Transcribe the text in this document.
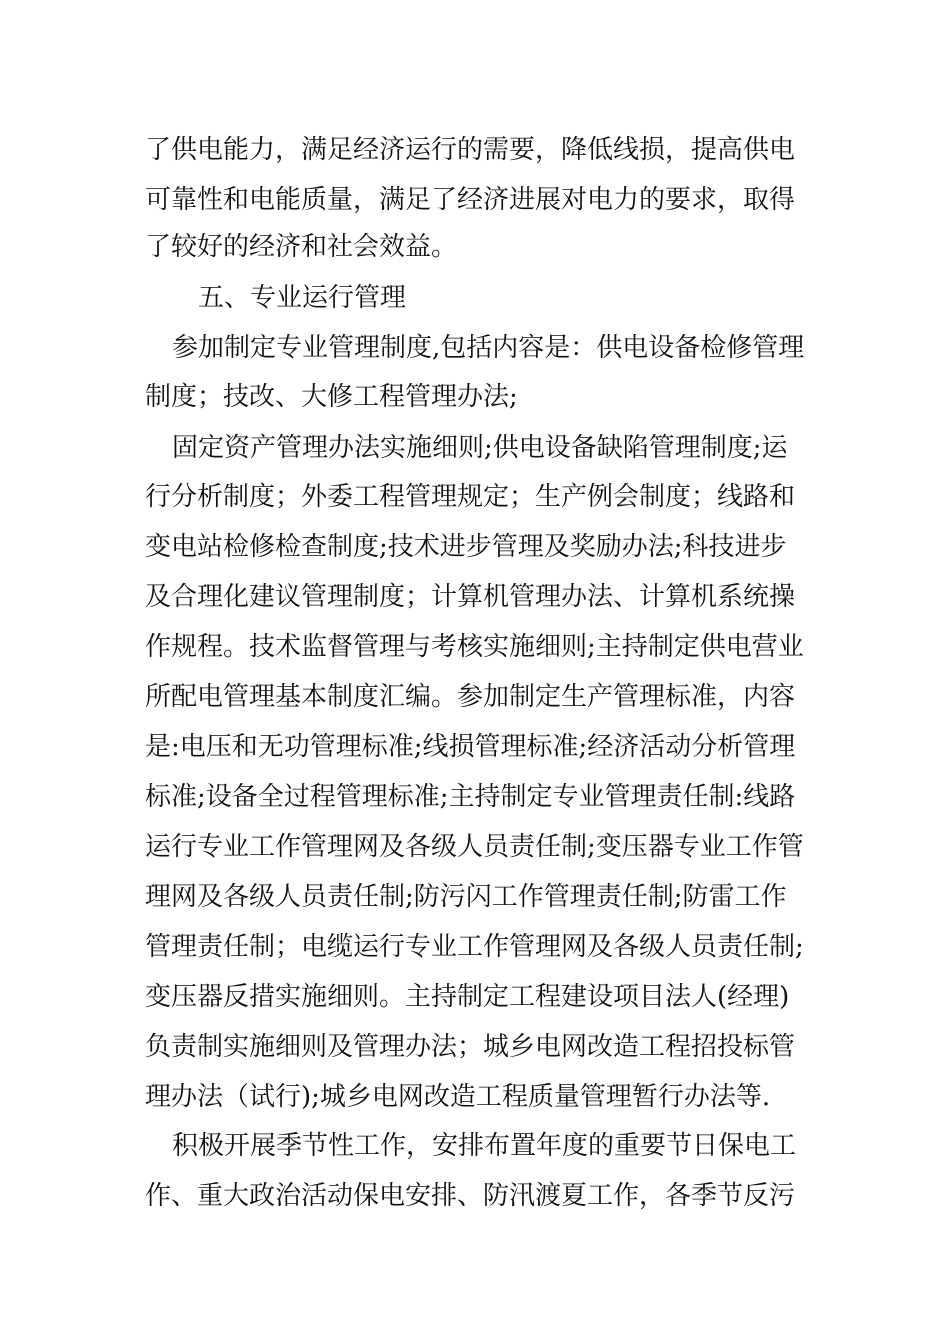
了供电能力，满足经济运行的需要，降低线损，提高供电
可靠性和电能质量，满足了经济进展对电力的要求，取得
了较好的经济和社会效益。
五、专业运行管理
参加制定专业管理制度,包括内容是：供电设备检修管理
制度；技改、大修工程管理办法;
固定资产管理办法实施细则;供电设备缺陷管理制度;运
行分析制度；外委工程管理规定；生产例会制度；线路和
变电站检修检查制度;技术进步管理及奖励办法;科技进步
及合理化建议管理制度；计算机管理办法、计算机系统操
作规程。技术监督管理与考核实施细则;主持制定供电营业
所配电管理基本制度汇编。参加制定生产管理标准，内容
是:电压和无功管理标准;线损管理标准;经济活动分析管理
标准;设备全过程管理标准;主持制定专业管理责任制:线路
运行专业工作管理网及各级人员责任制;变压器专业工作管
理网及各级人员责任制;防污闪工作管理责任制;防雷工作
管理责任制；电缆运行专业工作管理网及各级人员责任制;
变压器反措实施细则。主持制定工程建设项目法人(经理)
负责制实施细则及管理办法；城乡电网改造工程招投标管
理办法（试行);城乡电网改造工程质量管理暂行办法等.
积极开展季节性工作，安排布置年度的重要节日保电工
作、重大政治活动保电安排、防汛渡夏工作，各季节反污
